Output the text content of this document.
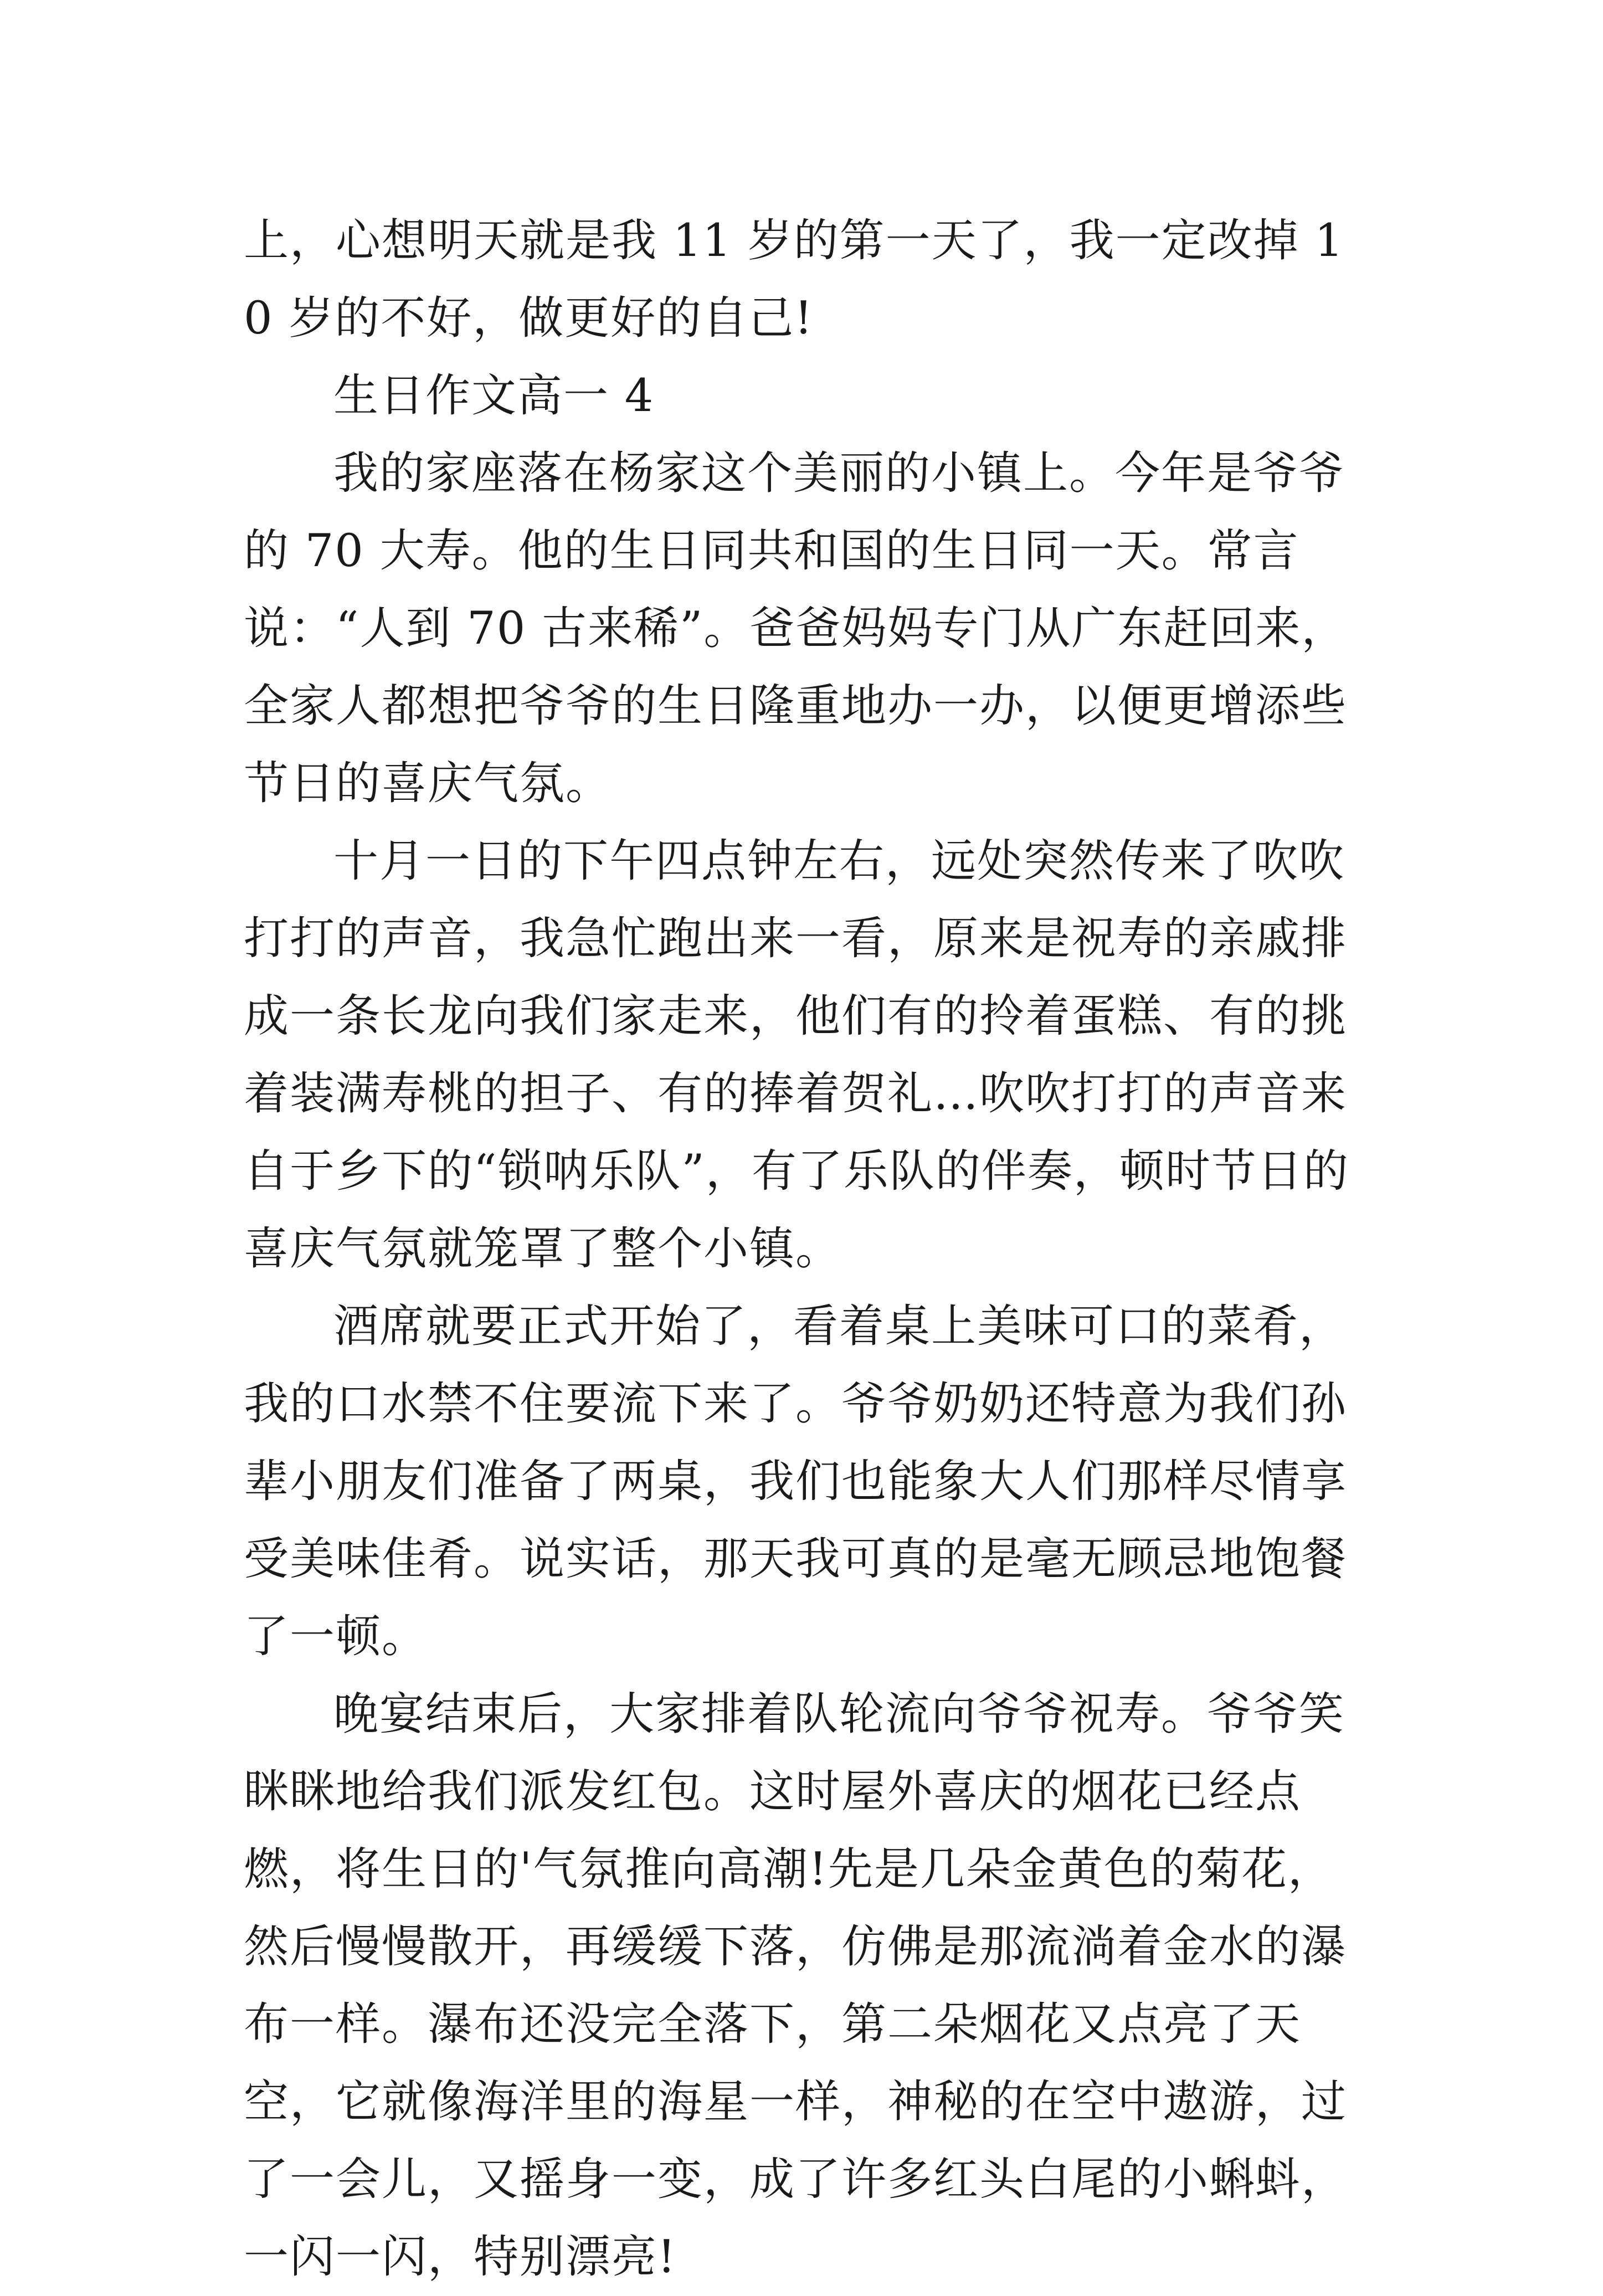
上，心想明天就是我 11 岁的第一天了，我一定改掉 10 岁的不好，做更好的自己!

生日作文高一 4

我的家座落在杨家这个美丽的小镇上。今年是爷爷的 70 大寿。他的生日同共和国的生日同一天。常言说：“人到 70 古来稀”。爸爸妈妈专门从广东赶回来，全家人都想把爷爷的生日隆重地办一办，以便更增添些节日的喜庆气氛。

十月一日的下午四点钟左右，远处突然传来了吹吹打打的声音，我急忙跑出来一看，原来是祝寿的亲戚排成一条长龙向我们家走来，他们有的拎着蛋糕、有的挑着装满寿桃的担子、有的捧着贺礼…吹吹打打的声音来自于乡下的“锁呐乐队”，有了乐队的伴奏，顿时节日的喜庆气氛就笼罩了整个小镇。

酒席就要正式开始了，看着桌上美味可口的菜肴，我的口水禁不住要流下来了。爷爷奶奶还特意为我们孙辈小朋友们准备了两桌，我们也能象大人们那样尽情享受美味佳肴。说实话，那天我可真的是毫无顾忌地饱餐了一顿。

晚宴结束后，大家排着队轮流向爷爷祝寿。爷爷笑眯眯地给我们派发红包。这时屋外喜庆的烟花已经点燃，将生日的'气氛推向高潮!先是几朵金黄色的菊花，然后慢慢散开，再缓缓下落，仿佛是那流淌着金水的瀑布一样。瀑布还没完全落下，第二朵烟花又点亮了天空，它就像海洋里的海星一样，神秘的在空中遨游，过了一会儿，又摇身一变，成了许多红头白尾的小蝌蚪，一闪一闪，特别漂亮!
